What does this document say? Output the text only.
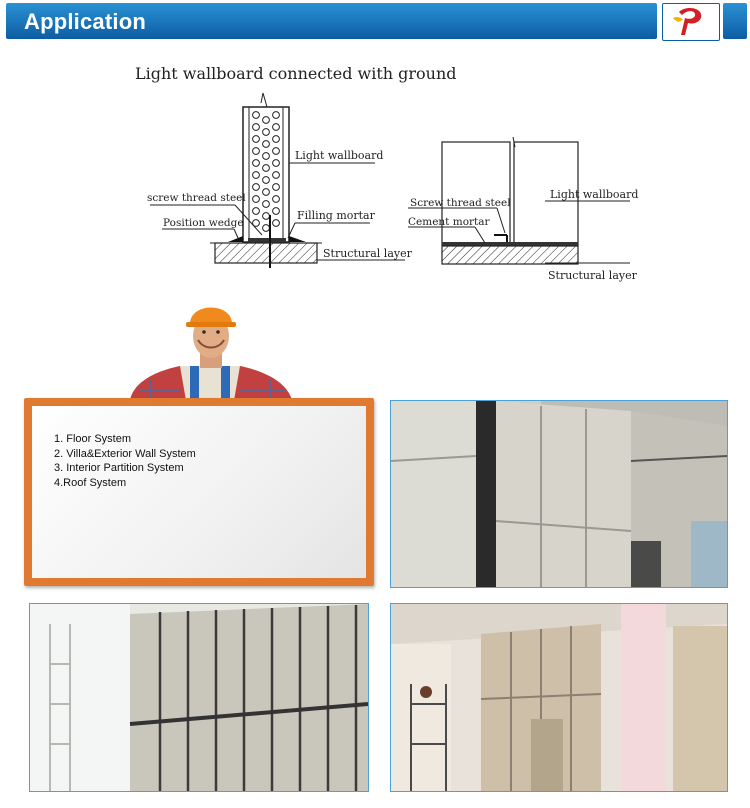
Application
Light wallboard connected with ground
Light wallboard
screw thread steel
Position wedge
Filling mortar
Structural layer
Screw thread steel
Cement mortar
Light wallboard
Structural layer
1. Floor System
2. Villa&Exterior Wall System
3. Interior Partition System
4.Roof System
